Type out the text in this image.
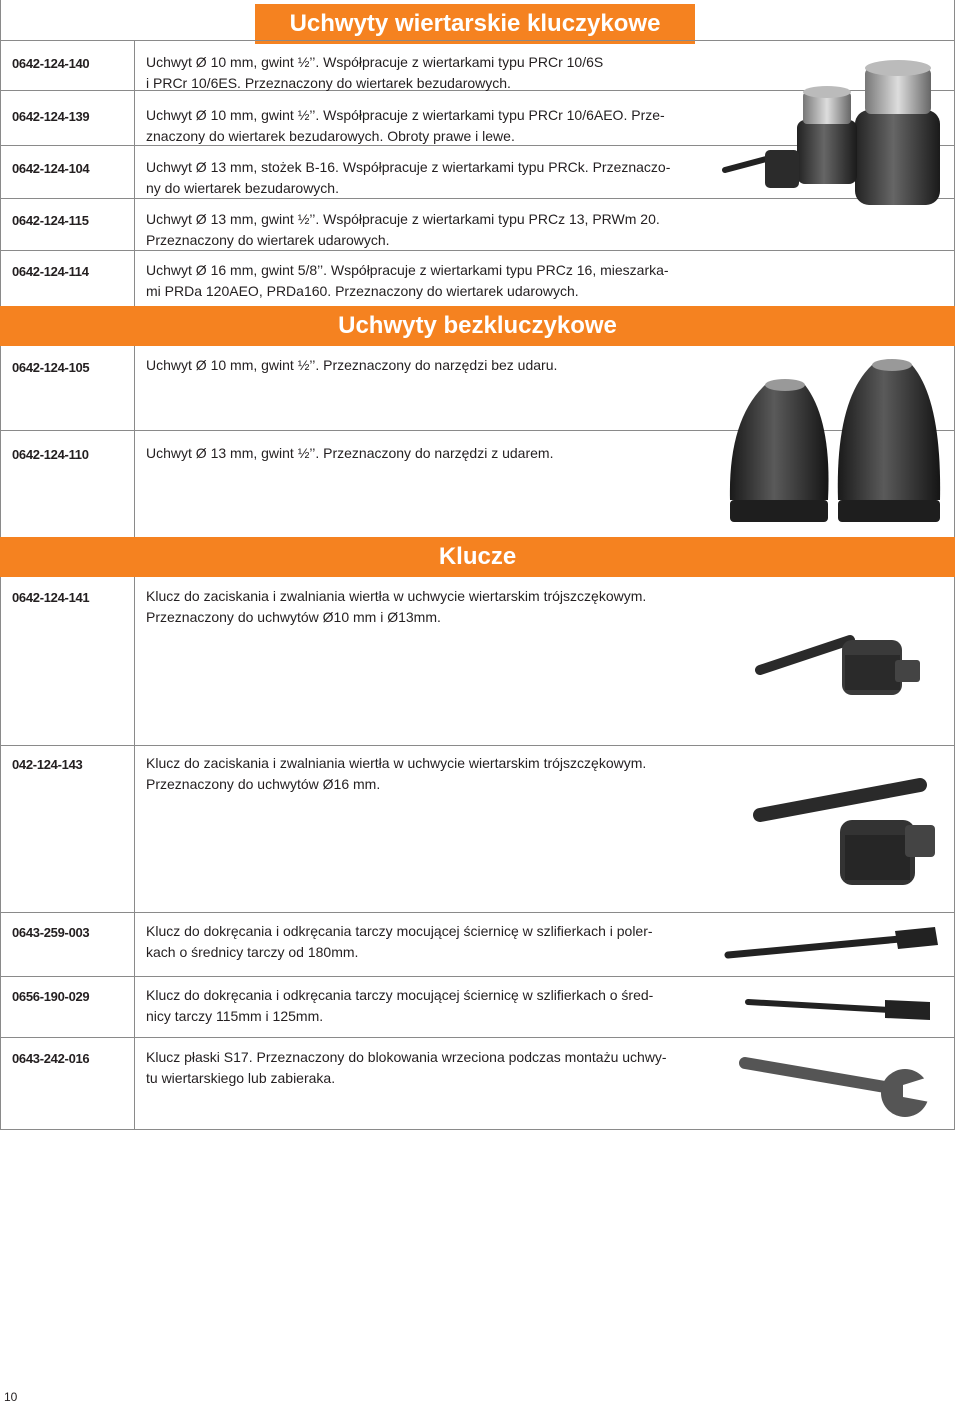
Uchwyty wiertarskie kluczykowe
Uchwyty bezkluczykowe
Klucze
0642-124-140	Uchwyt Ø 10 mm, gwint ½’’. Współpracuje z wiertarkami typu PRCr 10/6S
i PRCr 10/6ES. Przeznaczony do wiertarek bezudarowych.
0642-124-139	Uchwyt Ø 10 mm, gwint ½’’. Współpracuje z wiertarkami typu PRCr 10/6AEO. Prze-
znaczony do wiertarek bezudarowych. Obroty prawe i lewe.
0642-124-104	Uchwyt Ø 13 mm, stożek B-16. Współpracuje z wiertarkami typu PRCk. Przeznaczo-
ny do wiertarek bezudarowych.
0642-124-115	Uchwyt Ø 13 mm, gwint ½’’. Współpracuje z wiertarkami typu PRCz 13, PRWm 20.
Przeznaczony do wiertarek udarowych.
0642-124-114	Uchwyt Ø 16 mm, gwint 5/8’’. Współpracuje z wiertarkami typu PRCz 16, mieszarka-
mi PRDa 120AEO, PRDa160. Przeznaczony do wiertarek udarowych.
0642-124-105	Uchwyt Ø 10 mm, gwint ½’’. Przeznaczony do narzędzi bez udaru.
0642-124-110	Uchwyt Ø 13 mm, gwint ½’’. Przeznaczony do narzędzi z udarem.
0642-124-141	Klucz do zaciskania i zwalniania wiertła w uchwycie wiertarskim trójszczękowym.
Przeznaczony do uchwytów Ø10 mm i Ø13mm.
042-124-143	Klucz do zaciskania i zwalniania wiertła w uchwycie wiertarskim trójszczękowym.
Przeznaczony do uchwytów Ø16 mm.
0643-259-003	Klucz do dokręcania i odkręcania tarczy mocującej ściernicę w szlifierkach i poler-
kach o średnicy tarczy od 180mm.
0656-190-029	Klucz do dokręcania i odkręcania tarczy mocującej ściernicę w szlifierkach o śred-
nicy tarczy 115mm i 125mm.
0643-242-016	Klucz płaski S17. Przeznaczony do blokowania wrzeciona podczas montażu uchwy-
tu wiertarskiego lub zabieraka.
10
